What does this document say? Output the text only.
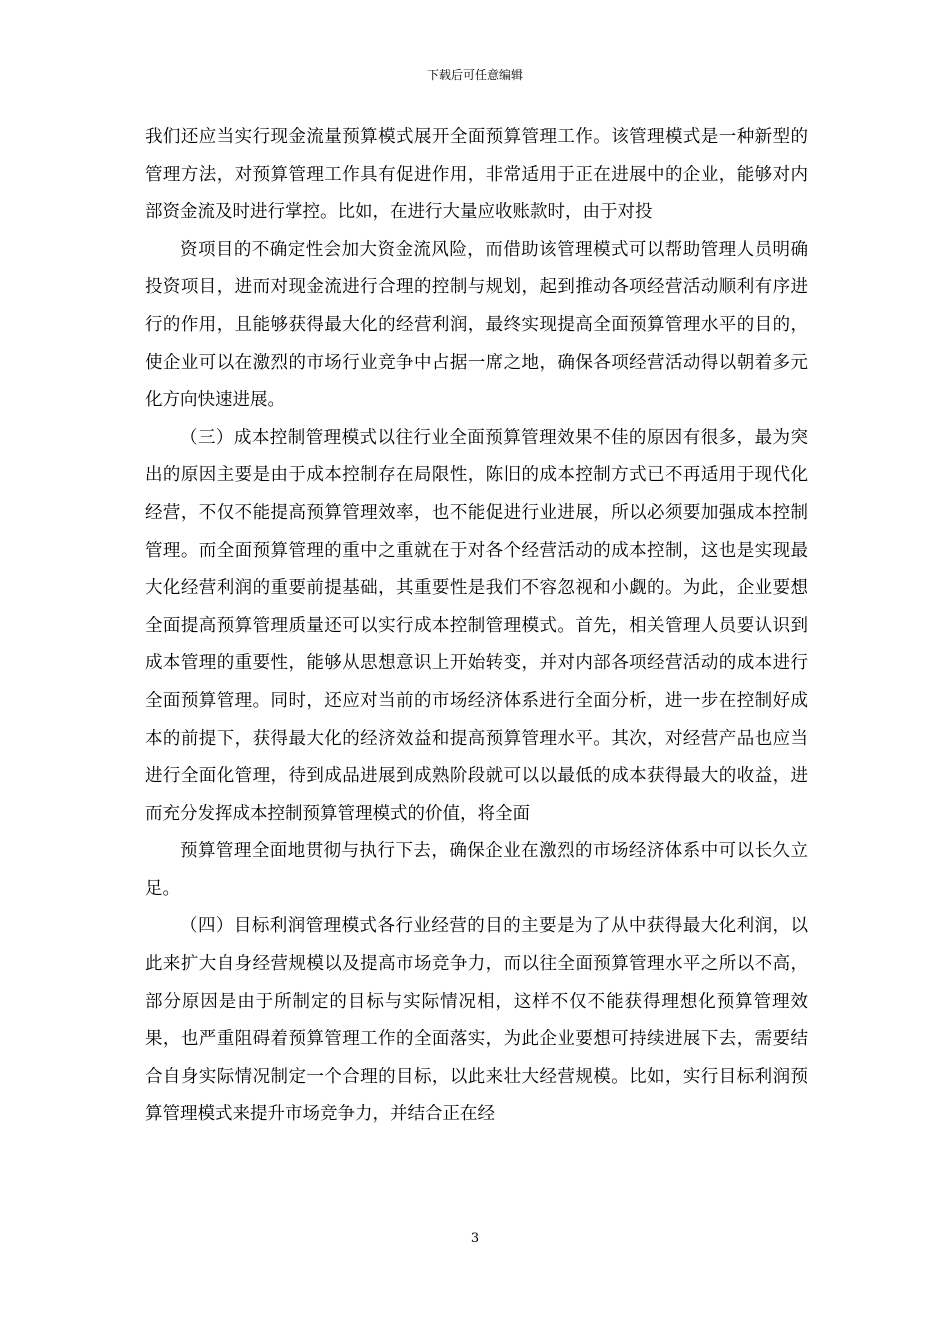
下载后可任意编辑

我们还应当实行现金流量预算模式展开全面预算管理工作。该管理模式是一种新型的管理方法，对预算管理工作具有促进作用，非常适用于正在进展中的企业，能够对内部资金流及时进行掌控。比如，在进行大量应收账款时，由于对投

资项目的不确定性会加大资金流风险，而借助该管理模式可以帮助管理人员明确投资项目，进而对现金流进行合理的控制与规划，起到推动各项经营活动顺利有序进行的作用，且能够获得最大化的经营利润，最终实现提高全面预算管理水平的目的，使企业可以在激烈的市场行业竞争中占据一席之地，确保各项经营活动得以朝着多元化方向快速进展。

（三）成本控制管理模式以往行业全面预算管理效果不佳的原因有很多，最为突出的原因主要是由于成本控制存在局限性，陈旧的成本控制方式已不再适用于现代化经营，不仅不能提高预算管理效率，也不能促进行业进展，所以必须要加强成本控制管理。而全面预算管理的重中之重就在于对各个经营活动的成本控制，这也是实现最大化经营利润的重要前提基础，其重要性是我们不容忽视和小觑的。为此，企业要想全面提高预算管理质量还可以实行成本控制管理模式。首先，相关管理人员要认识到成本管理的重要性，能够从思想意识上开始转变，并对内部各项经营活动的成本进行全面预算管理。同时，还应对当前的市场经济体系进行全面分析，进一步在控制好成本的前提下，获得最大化的经济效益和提高预算管理水平。其次，对经营产品也应当进行全面化管理，待到成品进展到成熟阶段就可以以最低的成本获得最大的收益，进而充分发挥成本控制预算管理模式的价值，将全面

预算管理全面地贯彻与执行下去，确保企业在激烈的市场经济体系中可以长久立足。

（四）目标利润管理模式各行业经营的目的主要是为了从中获得最大化利润，以此来扩大自身经营规模以及提高市场竞争力，而以往全面预算管理水平之所以不高，部分原因是由于所制定的目标与实际情况相，这样不仅不能获得理想化预算管理效果，也严重阻碍着预算管理工作的全面落实，为此企业要想可持续进展下去，需要结合自身实际情况制定一个合理的目标，以此来壮大经营规模。比如，实行目标利润预算管理模式来提升市场竞争力，并结合正在经

3
